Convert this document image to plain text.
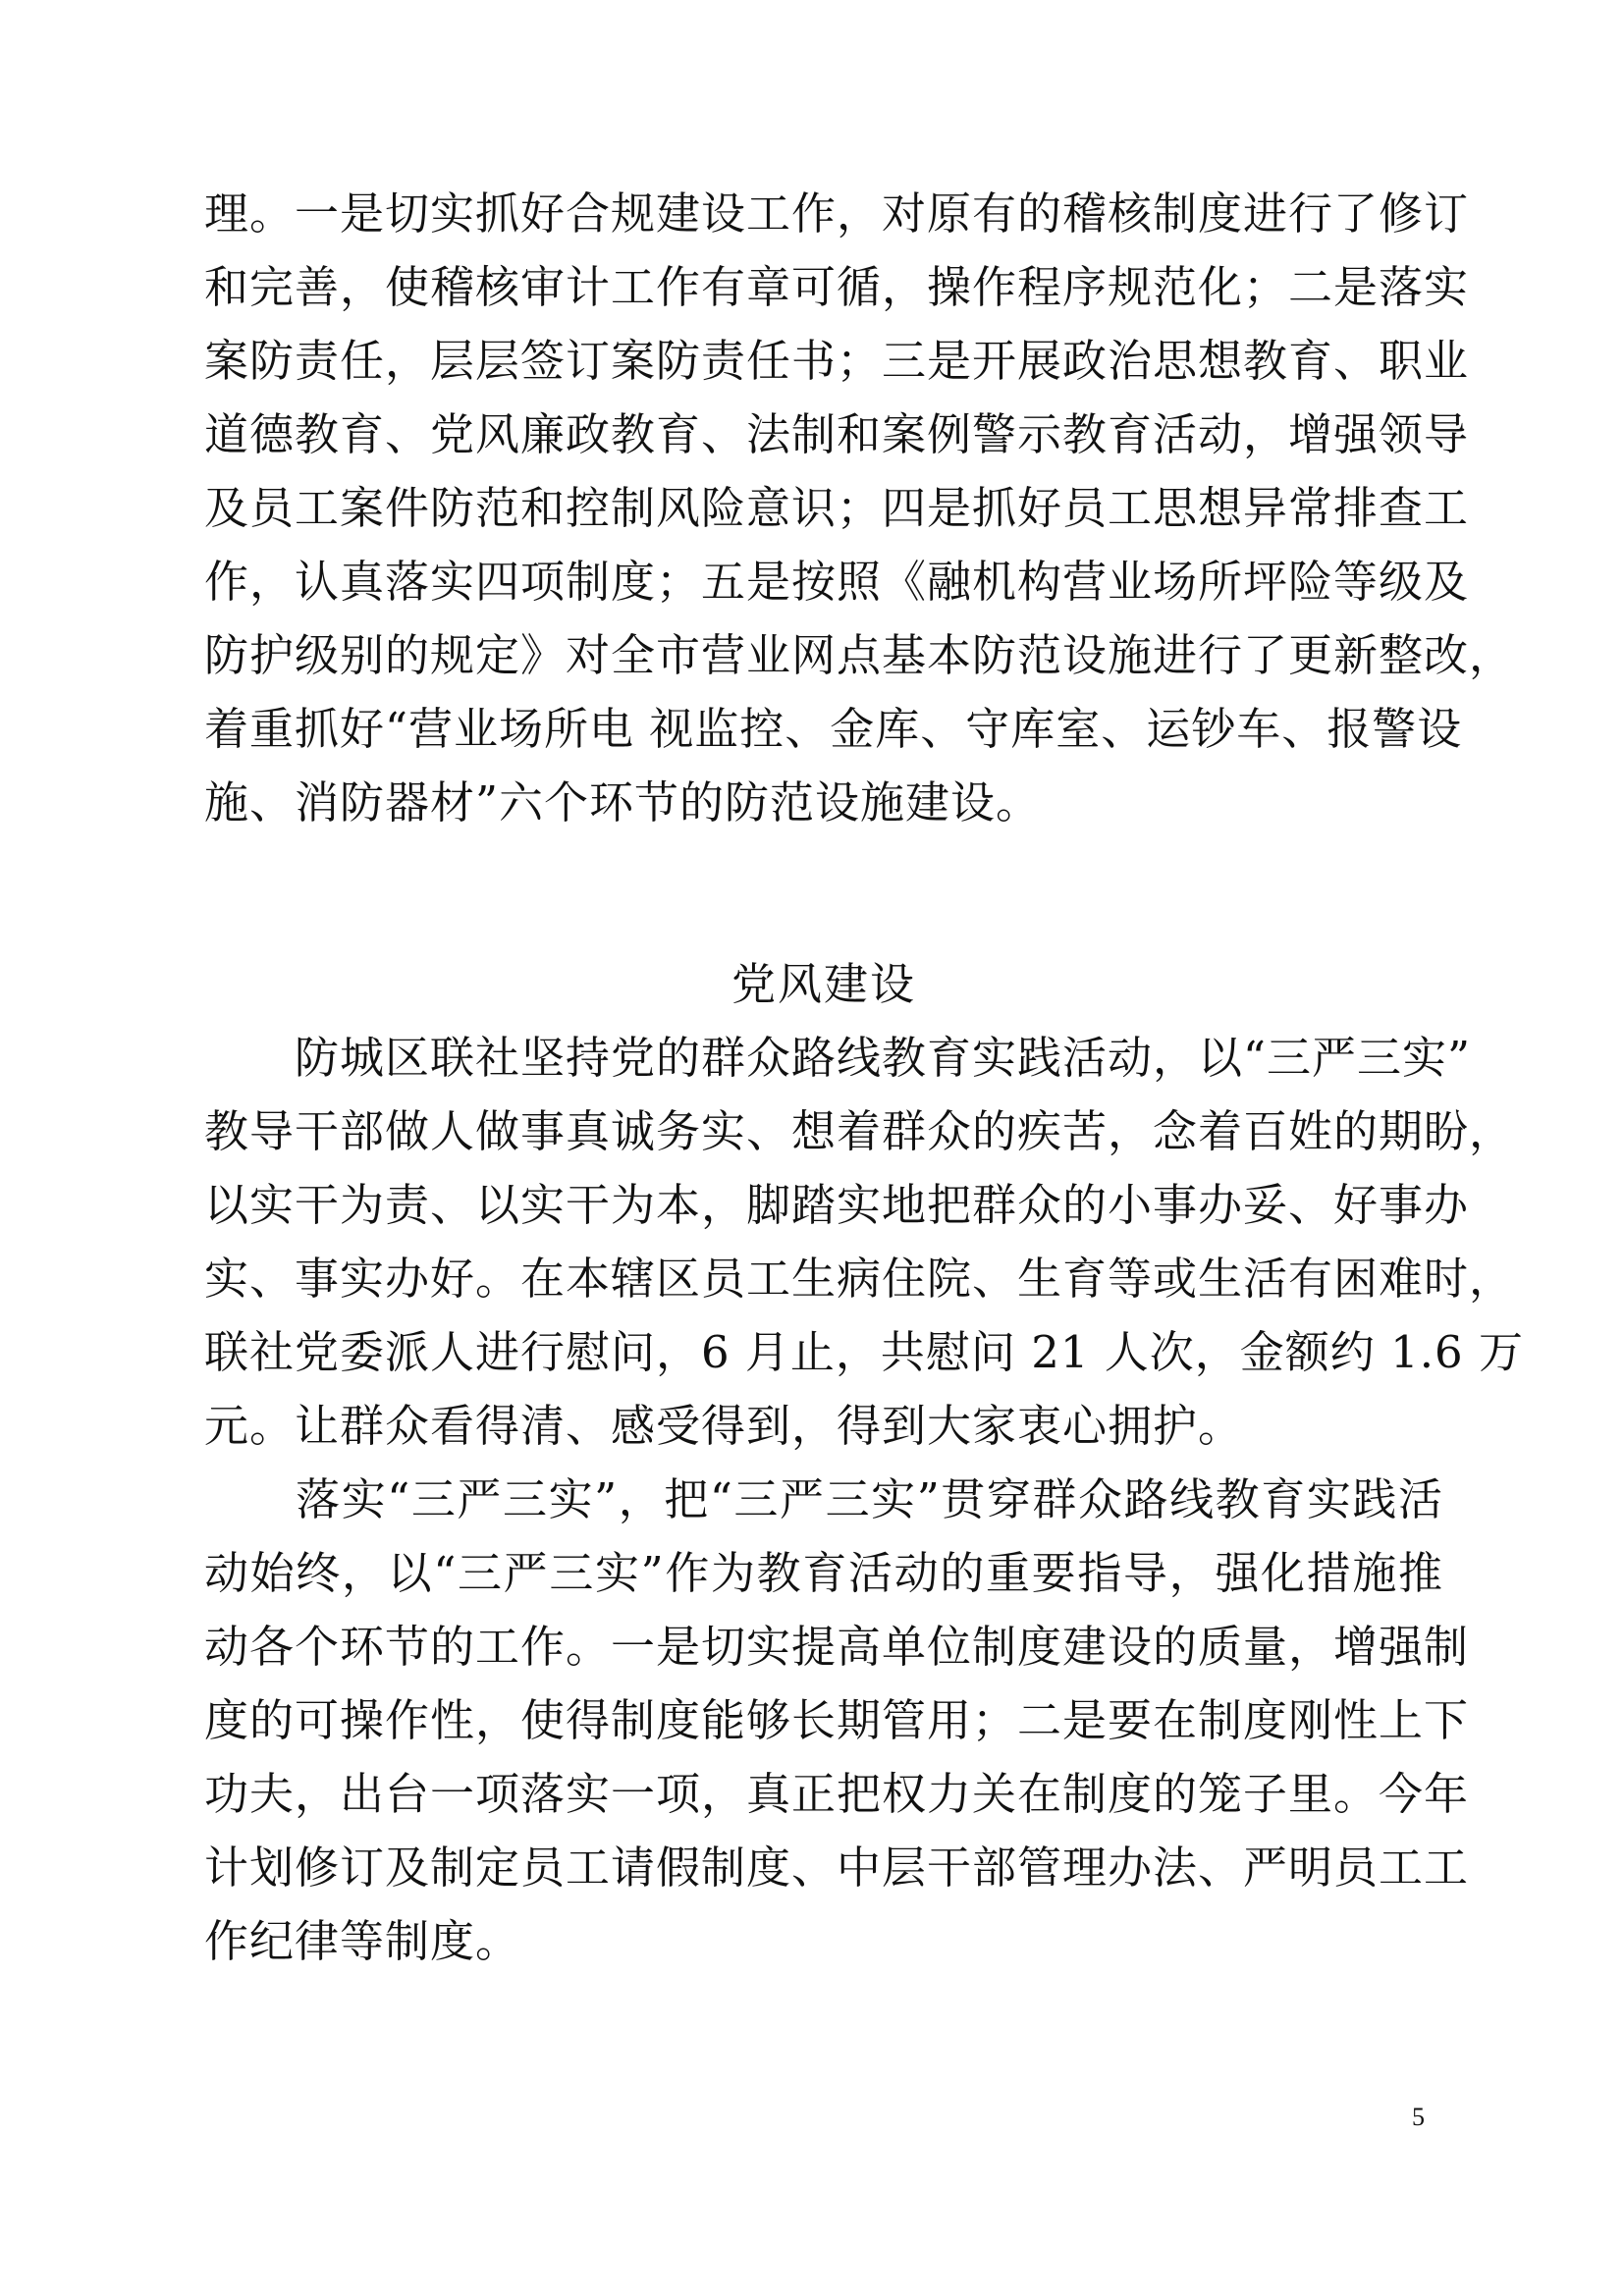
理。一是切实抓好合规建设工作，对原有的稽核制度进行了修订
和完善，使稽核审计工作有章可循，操作程序规范化；二是落实
案防责任，层层签订案防责任书；三是开展政治思想教育、职业
道德教育、党风廉政教育、法制和案例警示教育活动，增强领导
及员工案件防范和控制风险意识；四是抓好员工思想异常排查工
作，认真落实四项制度；五是按照《融机构营业场所坪险等级及
防护级别的规定》对全市营业网点基本防范设施进行了更新整改，
着重抓好“营业场所电 视监控、金库、守库室、运钞车、报警设
施、消防器材”六个环节的防范设施建设。
党风建设
　　防城区联社坚持党的群众路线教育实践活动，以“三严三实”
教导干部做人做事真诚务实、想着群众的疾苦，念着百姓的期盼，
以实干为责、以实干为本，脚踏实地把群众的小事办妥、好事办
实、事实办好。在本辖区员工生病住院、生育等或生活有困难时，
联社党委派人进行慰问，6 月止，共慰问 21 人次，金额约 1.6 万
元。让群众看得清、感受得到，得到大家衷心拥护。
　　落实“三严三实”，把“三严三实”贯穿群众路线教育实践活
动始终，以“三严三实”作为教育活动的重要指导，强化措施推
动各个环节的工作。一是切实提高单位制度建设的质量，增强制
度的可操作性，使得制度能够长期管用；二是要在制度刚性上下
功夫，出台一项落实一项，真正把权力关在制度的笼子里。今年
计划修订及制定员工请假制度、中层干部管理办法、严明员工工
作纪律等制度。
5
